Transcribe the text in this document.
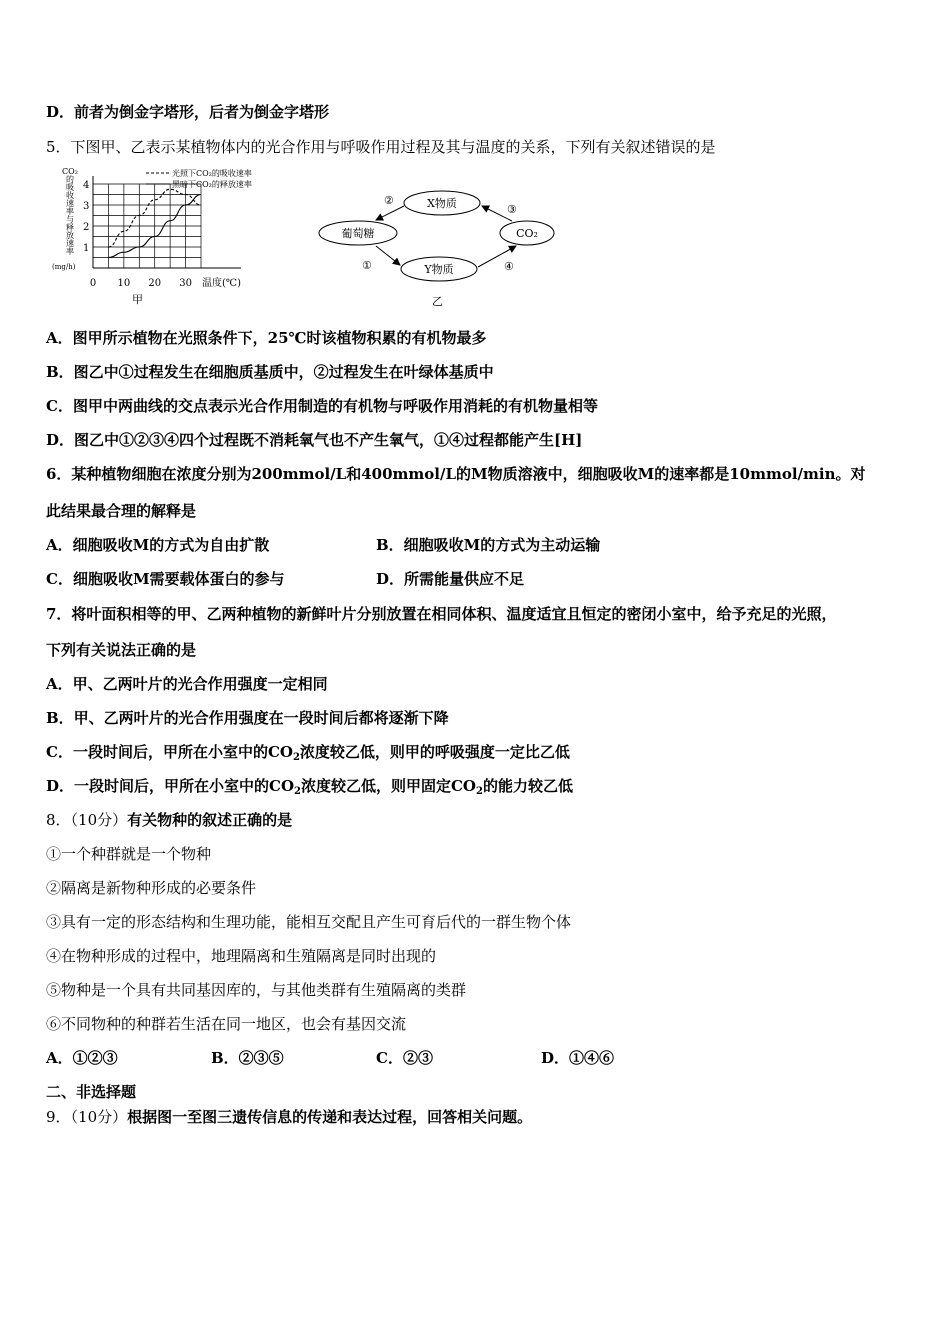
D．前者为倒金字塔形，后者为倒金字塔形
5．下图甲、乙表示某植物体内的光合作用与呼吸作用过程及其与温度的关系，下列有关叙述错误的是
CO₂
的
吸
收
速
率
与
释
放
速
率
(mg/h)
1
2
3
4
0 10 20 30
光照下CO₂的吸收速率
黑暗下CO₂的释放速率
温度(℃)
甲
葡萄糖
X物质
Y物质
CO₂
②
③
①	④
乙
A．图甲所示植物在光照条件下，25℃时该植物积累的有机物最多
B．图乙中①过程发生在细胞质基质中，②过程发生在叶绿体基质中
C．图甲中两曲线的交点表示光合作用制造的有机物与呼吸作用消耗的有机物量相等
D．图乙中①②③④四个过程既不消耗氧气也不产生氧气，①④过程都能产生[H]
6．某种植物细胞在浓度分别为200mmol/L和400mmol/L的M物质溶液中，细胞吸收M的速率都是10mmol/min。对
此结果最合理的解释是
A．细胞吸收M的方式为自由扩散	B．细胞吸收M的方式为主动运输
C．细胞吸收M需要载体蛋白的参与	D．所需能量供应不足
7．将叶面积相等的甲、乙两种植物的新鲜叶片分别放置在相同体积、温度适宜且恒定的密闭小室中，给予充足的光照，
下列有关说法正确的是
A．甲、乙两叶片的光合作用强度一定相同
B．甲、乙两叶片的光合作用强度在一段时间后都将逐渐下降
C．一段时间后，甲所在小室中的$CO_2$浓度较乙低，则甲的呼吸强度一定比乙低
D．一段时间后，甲所在小室中的$CO_2$浓度较乙低，则甲固定$CO_2$的能力较乙低
8．（10分）有关物种的叙述正确的是
①一个种群就是一个物种
②隔离是新物种形成的必要条件
③具有一定的形态结构和生理功能，能相互交配且产生可育后代的一群生物个体
④在物种形成的过程中，地理隔离和生殖隔离是同时出现的
⑤物种是一个具有共同基因库的，与其他类群有生殖隔离的类群
⑥不同物种的种群若生活在同一地区，也会有基因交流
A．①②③	B．②③⑤	C．②③	D．①④⑥
二、非选择题
9．（10分）根据图一至图三遗传信息的传递和表达过程，回答相关问题。
